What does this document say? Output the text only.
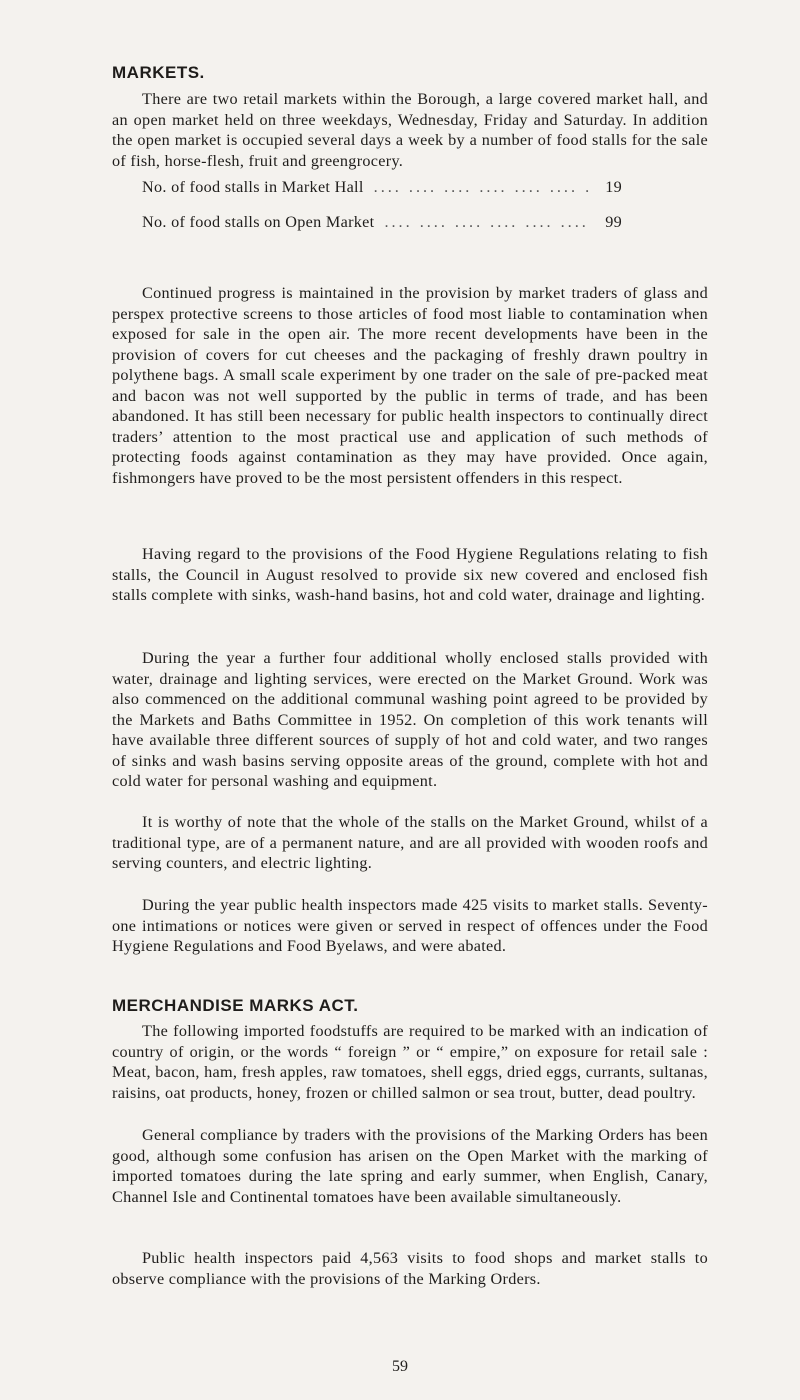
MARKETS.

There are two retail markets within the Borough, a large covered market hall, and an open market held on three weekdays, Wednesday, Friday and Saturday. In addition the open market is occupied several days a week by a number of food stalls for the sale of fish, horse-flesh, fruit and greengrocery.

No. of food stalls in Market Hall ....	19
No. of food stalls on Open Market ....	99

Continued progress is maintained in the provision by market traders of glass and perspex protective screens to those articles of food most liable to contamination when exposed for sale in the open air. The more recent developments have been in the provision of covers for cut cheeses and the packaging of freshly drawn poultry in polythene bags. A small scale experiment by one trader on the sale of pre-packed meat and bacon was not well supported by the public in terms of trade, and has been abandoned. It has still been necessary for public health inspectors to continually direct traders’ attention to the most practical use and application of such methods of protecting foods against contamination as they may have provided. Once again, fishmongers have proved to be the most persistent offenders in this respect.

Having regard to the provisions of the Food Hygiene Regulations relating to fish stalls, the Council in August resolved to provide six new covered and enclosed fish stalls complete with sinks, wash-hand basins, hot and cold water, drainage and lighting.

During the year a further four additional wholly enclosed stalls provided with water, drainage and lighting services, were erected on the Market Ground. Work was also commenced on the additional communal washing point agreed to be provided by the Markets and Baths Committee in 1952. On completion of this work tenants will have available three different sources of supply of hot and cold water, and two ranges of sinks and wash basins serving opposite areas of the ground, complete with hot and cold water for personal washing and equipment.

It is worthy of note that the whole of the stalls on the Market Ground, whilst of a traditional type, are of a permanent nature, and are all provided with wooden roofs and serving counters, and electric lighting.

During the year public health inspectors made 425 visits to market stalls. Seventy-one intimations or notices were given or served in respect of offences under the Food Hygiene Regulations and Food Byelaws, and were abated.

MERCHANDISE MARKS ACT.

The following imported foodstuffs are required to be marked with an indication of country of origin, or the words “ foreign ” or “ empire,” on exposure for retail sale : Meat, bacon, ham, fresh apples, raw tomatoes, shell eggs, dried eggs, currants, sultanas, raisins, oat products, honey, frozen or chilled salmon or sea trout, butter, dead poultry.

General compliance by traders with the provisions of the Marking Orders has been good, although some confusion has arisen on the Open Market with the marking of imported tomatoes during the late spring and early summer, when English, Canary, Channel Isle and Continental tomatoes have been available simultaneously.

Public health inspectors paid 4,563 visits to food shops and market stalls to observe compliance with the provisions of the Marking Orders.

59
